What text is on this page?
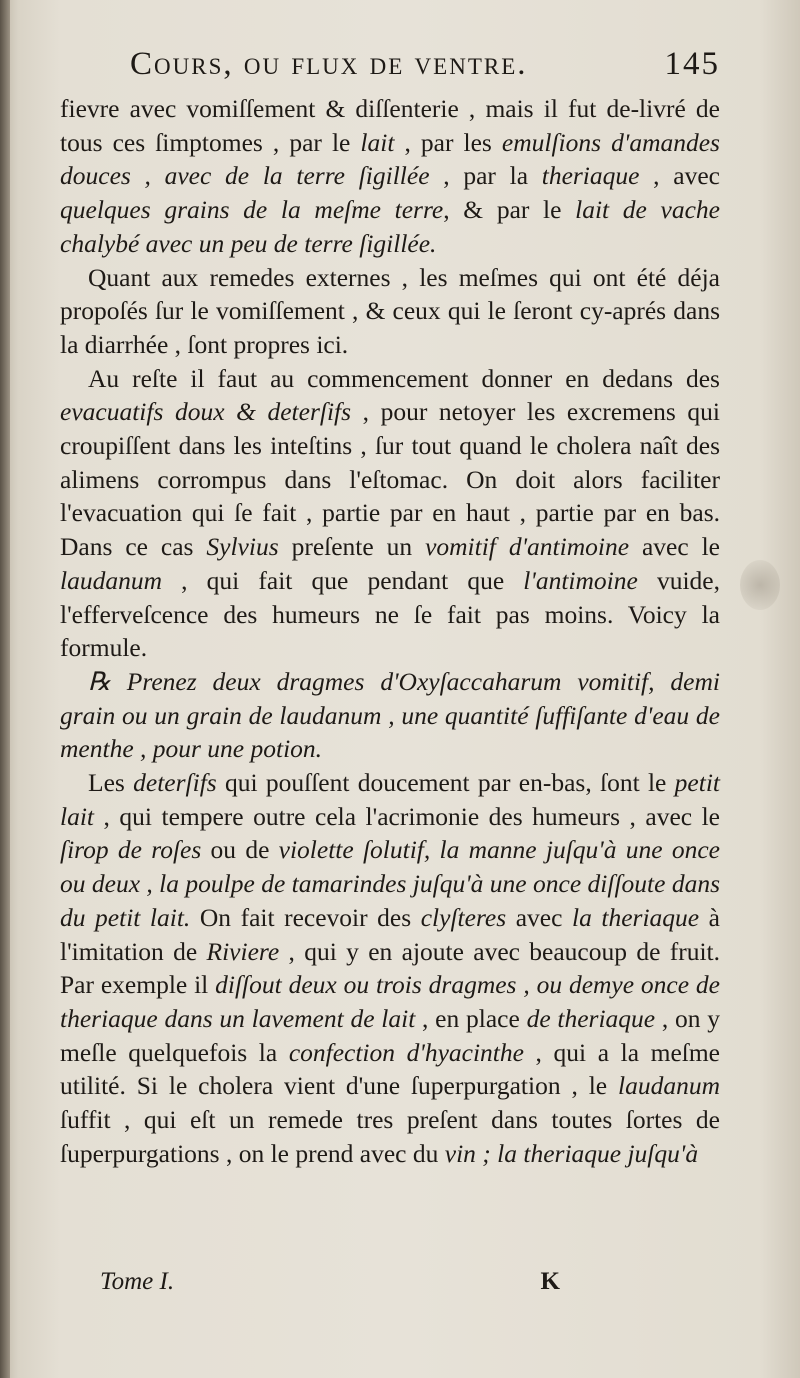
Cours, ou flux de ventre.	145

fievre avec vomiſſement & diſſenterie , mais il fut de-livré de tous ces ſimptomes , par le lait , par les emulſions d'amandes douces , avec de la terre ſigillée , par la theriaque , avec quelques grains de la meſme terre, & par le lait de vache chalybé avec un peu de terre ſigillée.

Quant aux remedes externes , les meſmes qui ont été déja propoſés ſur le vomiſſement , & ceux qui le ſeront cy-aprés dans la diarrhée , ſont propres ici.

Au reſte il faut au commencement donner en dedans des evacuatifs doux & deterſifs , pour netoyer les excremens qui croupiſſent dans les inteſtins , ſur tout quand le cholera naît des alimens corrompus dans l'eſtomac. On doit alors faciliter l'evacuation qui ſe fait , partie par en haut , partie par en bas. Dans ce cas Sylvius preſente un vomitif d'antimoine avec le laudanum , qui fait que pendant que l'antimoine vuide, l'efferveſcence des humeurs ne ſe fait pas moins. Voicy la formule.

℞ Prenez deux dragmes d'Oxyſaccaharum vomitif, demi grain ou un grain de laudanum , une quantité ſuffiſante d'eau de menthe , pour une potion.

Les deterſifs qui pouſſent doucement par en-bas, ſont le petit lait , qui tempere outre cela l'acrimonie des humeurs , avec le ſirop de roſes ou de violette ſolutif, la manne juſqu'à une once ou deux , la poulpe de tamarindes juſqu'à une once diſſoute dans du petit lait. On fait recevoir des clyſteres avec la theriaque à l'imitation de Riviere , qui y en ajoute avec beaucoup de fruit. Par exemple il diſſout deux ou trois dragmes , ou demye once de theriaque dans un lavement de lait , en place de theriaque , on y meſle quelquefois la confection d'hyacinthe , qui a la meſme utilité. Si le cholera vient d'une ſuperpurgation , le laudanum ſuffit , qui eſt un remede tres preſent dans toutes ſortes de ſuperpurgations , on le prend avec du vin ; la theriaque juſqu'à

Tome I.	K
